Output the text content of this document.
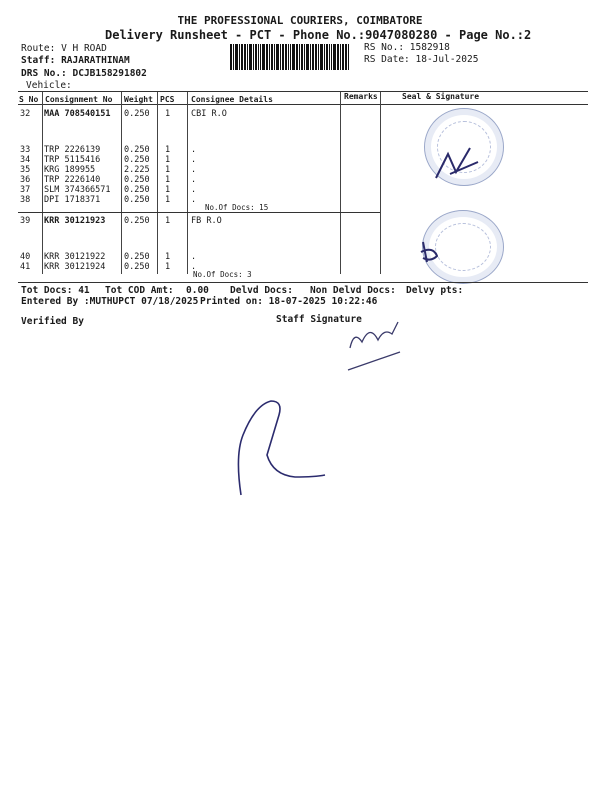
THE PROFESSIONAL COURIERS, COIMBATORE
Delivery Runsheet - PCT - Phone No.:9047080280 - Page No.:2
Route: V H ROAD
Staff: RAJARATHINAM
DRS No.: DCJB158291802
Vehicle:
RS No.: 1582918
RS Date: 18-Jul-2025
S No Consignment No Weight PCS Consignee Details	Remarks	Seal & Signature
32 MAA 708540151 0.250 1 CBI R.O
33 TRP 2226139	0.250 1 .
34 TRP 5115416	0.250 1 .
35 KRG 189955	2.225 1 .
36 TRP 2226140	0.250 1 .
37 SLM 374366571 0.250 1 .
38 DPI 1718371	0.250 1 .
No.Of Docs: 15
39 KRR 30121923 0.250 1 FB R.O
40 KRR 30121922 0.250 1 .
41 KRR 30121924 0.250 1 .
No.Of Docs: 3
Tot Docs: 41 Tot COD Amt: 0.00 Delvd Docs: Non Delvd Docs: Delvy pts:
Entered By :MUTHUPCT 07/18/2025 Printed on: 18-07-2025 10:22:46
Verified By	Staff Signature
